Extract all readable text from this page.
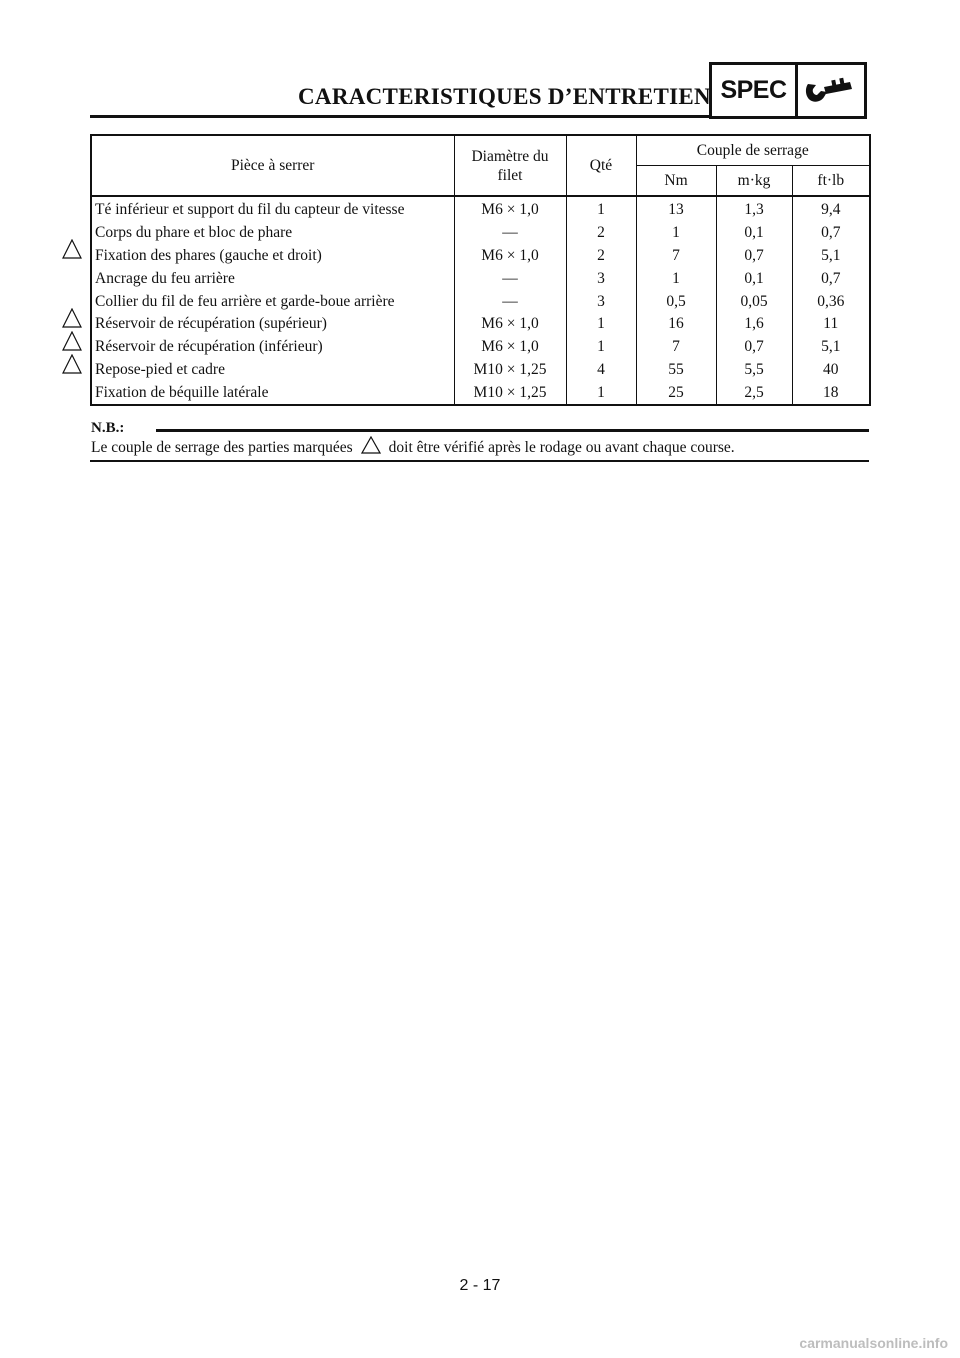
CARACTERISTIQUES D’ENTRETIEN SPEC
Pièce à serrer	Diamètre du filet	Qté	Couple de serrage		
			Nm	m·kg	ft·lb
Té inférieur et support du fil du capteur de vitesse	M6 × 1,0	1	13	1,3	9,4
Corps du phare et bloc de phare	—	2	1	0,1	0,7
Fixation des phares (gauche et droit)	M6 × 1,0	2	7	0,7	5,1
Ancrage du feu arrière	—	3	1	0,1	0,7
Collier du fil de feu arrière et garde-boue arrière	—	3	0,5	0,05	0,36
Réservoir de récupération (supérieur)	M6 × 1,0	1	16	1,6	11
Réservoir de récupération (inférieur)	M6 × 1,0	1	7	0,7	5,1
Repose-pied et cadre	M10 × 1,25	4	55	5,5	40
Fixation de béquille latérale	M10 × 1,25	1	25	2,5	18
N.B.:
Le couple de serrage des parties marquées doit être vérifié après le rodage ou avant chaque course.
2 - 17
carmanualsonline.info
